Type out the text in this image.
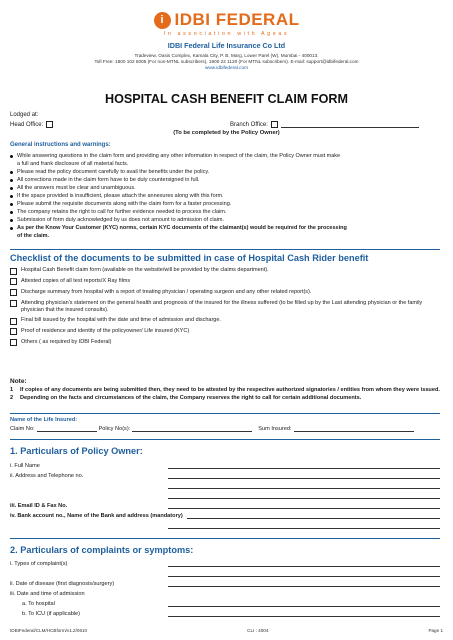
i IDBI FEDERAL
In association with Ageas
IDBI Federal Life Insurance Co Ltd
Tradeview, Oasis Complex, Kamala City, P. B. Marg, Lower Parel (W), Mumbai - 400013.
Toll Free: 1800 102 5005 (For non-MTNL subscribers), 1800 22 1120 (For MTNL subscribers). E-mail: support@idbifederal.com
www.idbifederal.com
HOSPITAL CASH BENEFIT CLAIM FORM
Lodged at:
Head Office:	Branch Office:
(To be completed by the Policy Owner)
General instructions and warnings:
While answering questions in the claim form and providing any other information in respect of the claim, the Policy Owner must make
a full and frank disclosure of all material facts.
Please read the policy document carefully to avail the benefits under the policy.
All corrections made in the claim form have to be duly countersigned in full.
All the answers must be clear and unambiguous.
If the space provided is insufficient, please attach the annexures along with this form.
Please submit the requisite documents along with the claim form for a faster processing.
The company retains the right to call for further evidence needed to process the claim.
Submission of form duly acknowledged by us does not amount to admission of claim.
As per the Know Your Customer (KYC) norms, certain KYC documents of the claimant(s) would be required for the processing
of the claim.
Checklist of the documents to be submitted in case of Hospital Cash Rider benefit
Hospital Cash Benefit claim form (available on the website/will be provided by the claims department).
Attested copies of all test reports/X Ray films
Discharge summary from hospital with a report of treating physician / operating surgeon and any other related report(s).
Attending physician's statement on the general health and prognosis of the insured for the illness suffered (to be filled up by the Last attending physician or the family physician that the insured consults).
Final bill issued by the hospital with the date and time of admission and discharge.
Proof of residence and identity of the policyowner/ Life insured (KYC)
Others ( as required by IDBI Federal)
Note:
1	If copies of any documents are being submitted then, they need to be attested by the respective authorized signatories / entities from whom they were issued.
2	Depending on the facts and circumstances of the claim, the Company reserves the right to call for certain additional documents.
Name of the Life Insured:
Claim No:	Policy No(s):	Sum Insured:
1. Particulars of Policy Owner:
i. Full Name
ii. Address and Telephone no.
iii. Email ID & Fax No.
iv. Bank account no., Name of the Bank and address (mandatory)
2. Particulars of complaints or symptoms:
i. Types of complaint(s)
ii. Date of disease (first diagnosis/surgery)
iii. Date and time of admission
a. To hospital
b. To ICU (if applicable)
IDBIFederal/CLM/HCBform/v1.2/0610	CLI : 4004	Page 1
